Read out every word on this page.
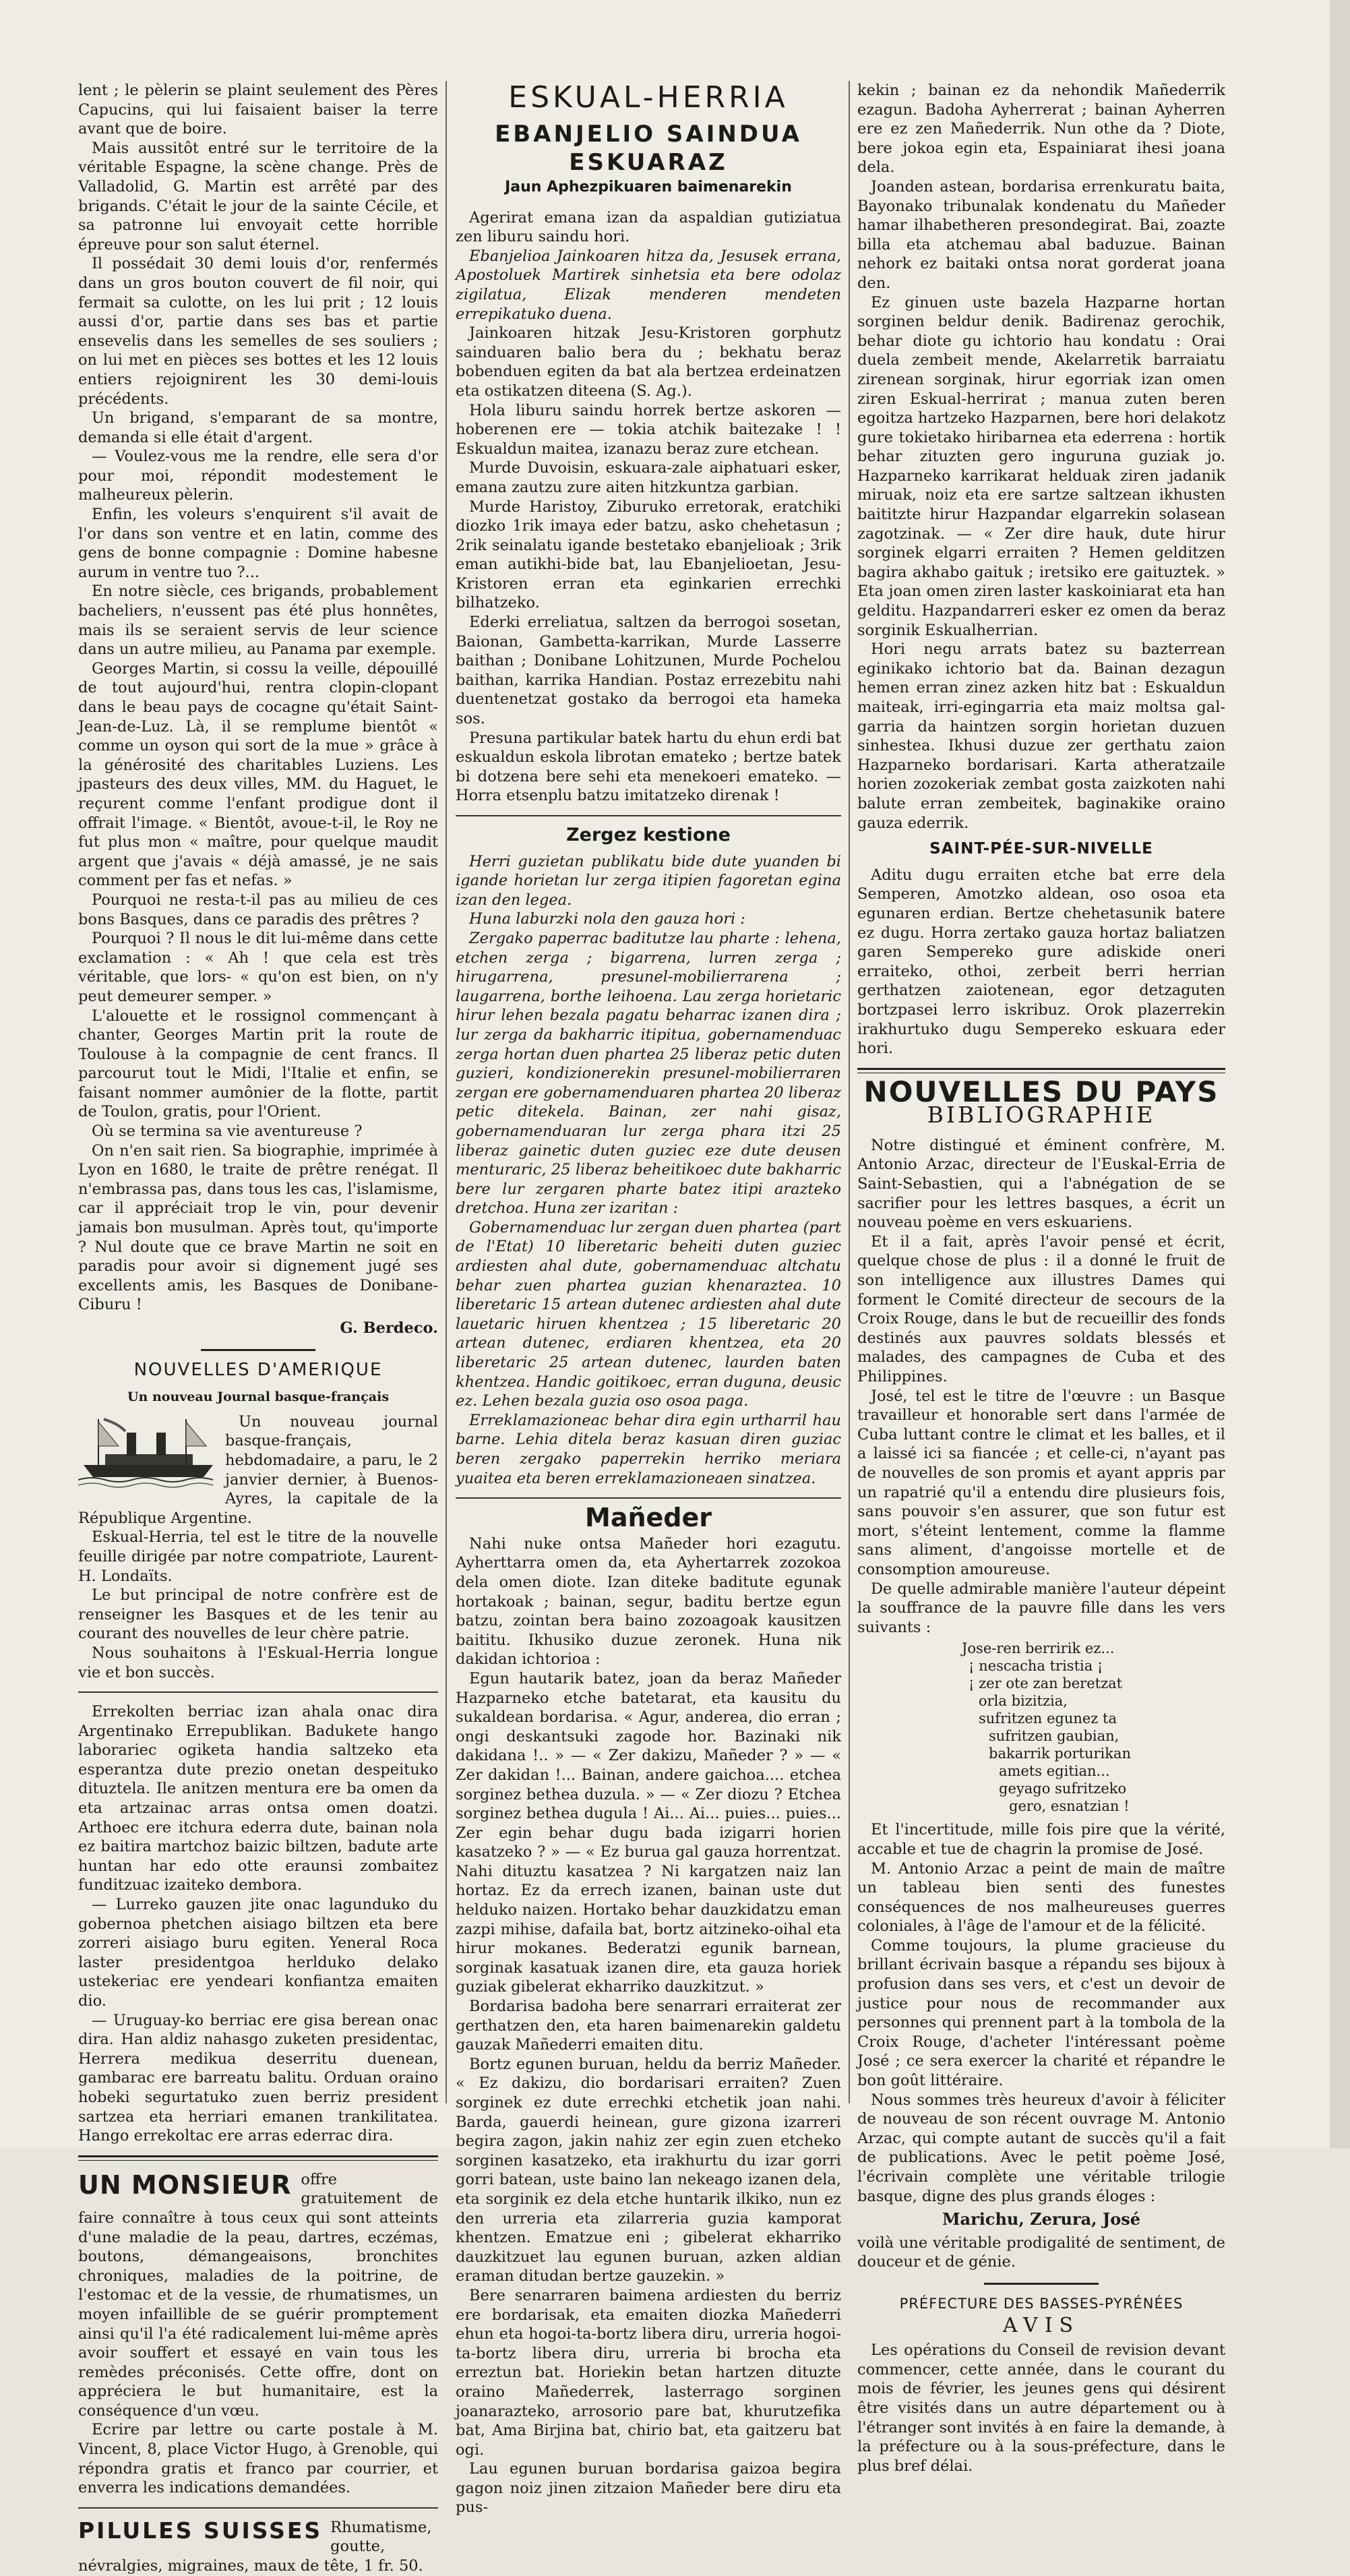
lent ; le pèlerin se plaint seulement des Pères Capucins, qui lui faisaient baiser la terre avant que de boire.

Mais aussitôt entré sur le territoire de la véritable Espagne, la scène change. Près de Valladolid, G. Martin est arrêté par des brigands. C'était le jour de la sainte Cécile, et sa patronne lui envoyait cette horrible épreuve pour son salut éternel.

Il possédait 30 demi louis d'or, renfermés dans un gros bouton couvert de fil noir, qui fermait sa culotte, on les lui prit ; 12 louis aussi d'or, partie dans ses bas et partie ensevelis dans les semelles de ses souliers ; on lui met en pièces ses bottes et les 12 louis entiers rejoignirent les 30 demi-louis précédents.

Un brigand, s'emparant de sa montre, demanda si elle était d'argent.

— Voulez-vous me la rendre, elle sera d'or pour moi, répondit modestement le malheureux pèlerin.

Enfin, les voleurs s'enquirent s'il avait de l'or dans son ventre et en latin, comme des gens de bonne compagnie : Domine habesne aurum in ventre tuo ?...

En notre siècle, ces brigands, probablement bacheliers, n'eussent pas été plus honnêtes, mais ils se seraient servis de leur science dans un autre milieu, au Panama par exemple.

Georges Martin, si cossu la veille, dépouillé de tout aujourd'hui, rentra clopin-clopant dans le beau pays de cocagne qu'était Saint-Jean-de-Luz. Là, il se remplume bientôt « comme un oyson qui sort de la mue » grâce à la générosité des charitables Luziens. Les jpasteurs des deux villes, MM. du Haguet, le reçurent comme l'enfant prodigue dont il offrait l'image. « Bientôt, avoue-t-il, le Roy ne fut plus mon « maître, pour quelque maudit argent que j'avais « déjà amassé, je ne sais comment per fas et nefas. »

Pourquoi ne resta-t-il pas au milieu de ces bons Basques, dans ce paradis des prêtres ?

Pourquoi ? Il nous le dit lui-même dans cette exclamation : « Ah ! que cela est très véritable, que lors- « qu'on est bien, on n'y peut demeurer semper. »

L'alouette et le rossignol commençant à chanter, Georges Martin prit la route de Toulouse à la compagnie de cent francs. Il parcourut tout le Midi, l'Italie et enfin, se faisant nommer aumônier de la flotte, partit de Toulon, gratis, pour l'Orient.

Où se termina sa vie aventureuse ?

On n'en sait rien. Sa biographie, imprimée à Lyon en 1680, le traite de prêtre renégat. Il n'embrassa pas, dans tous les cas, l'islamisme, car il appréciait trop le vin, pour devenir jamais bon musulman. Après tout, qu'importe ? Nul doute que ce brave Martin ne soit en paradis pour avoir si dignement jugé ses excellents amis, les Basques de Donibane-Ciburu !

G. Berdeco.
NOUVELLES D'AMERIQUE
Un nouveau Journal basque-français

Un nouveau journal basque-français, hebdomadaire, a paru, le 2 janvier dernier, à Buenos-Ayres, la capitale de la République Argentine.

Eskual-Herria, tel est le titre de la nouvelle feuille dirigée par notre compatriote, Laurent-H. Londaïts.

Le but principal de notre confrère est de renseigner les Basques et de les tenir au courant des nouvelles de leur chère patrie.

Nous souhaitons à l'Eskual-Herria longue vie et bon succès.

Errekolten berriac izan ahala onac dira Argentinako Errepublikan. Badukete hango laborariec ogiketa handia saltzeko eta esperantza dute prezio onetan despeituko dituztela. Ile anitzen mentura ere ba omen da eta artzainac arras ontsa omen doatzi. Arthoec ere itchura ederra dute, bainan nola ez baitira martchoz baizic biltzen, badute arte huntan har edo otte eraunsi zombaitez funditzuac izaiteko dembora.

— Lurreko gauzen jite onac lagunduko du gobernoa phetchen aisiago biltzen eta bere zorreri aisiago buru egiten. Yeneral Roca laster presidentgoa herlduko delako ustekeriac ere yendeari konfiantza emaiten dio.

— Uruguay-ko berriac ere gisa berean onac dira. Han aldiz nahasgo zuketen presidentac, Herrera medikua deserritu duenean, gambarac ere barreatu balitu. Orduan oraino hobeki segurtatuko zuen berriz president sartzea eta herriari emanen trankilitatea. Hango errekoltac ere arras ederrac dira.

UN MONSIEUR offre gratuitement de faire connaître à tous ceux qui sont atteints d'une maladie de la peau, dartres, eczémas, boutons, démangeaisons, bronchites chroniques, maladies de la poitrine, de l'estomac et de la vessie, de rhumatismes, un moyen infaillible de se guérir promptement ainsi qu'il l'a été radicalement lui-même après avoir souffert et essayé en vain tous les remèdes préconisés. Cette offre, dont on appréciera le but humanitaire, est la conséquence d'un vœu.

Ecrire par lettre ou carte postale à M. Vincent, 8, place Victor Hugo, à Grenoble, qui répondra gratis et franco par courrier, et enverra les indications demandées.

PILULES SUISSES Rhumatisme, goutte, névralgies, migraines, maux de tête, 1 fr. 50.

ESKUAL-HERRIA
EBANJELIO SAINDUA ESKUARAZ
Jaun Aphezpikuaren baimenarekin

Agerirat emana izan da aspaldian gutiziatua zen liburu saindu hori.

Ebanjelioa Jainkoaren hitza da, Jesusek errana, Apostoluek Martirek sinhetsia eta bere odolaz zigilatua, Elizak menderen mendeten errepikatuko duena.

Jainkoaren hitzak Jesu-Kristoren gorphutz sainduaren balio bera du ; bekhatu beraz bobenduen egiten da bat ala bertzea erdeinatzen eta ostikatzen diteena (S. Ag.).

Hola liburu saindu horrek bertze askoren — hoberenen ere — tokia atchik baitezake ! ! Eskualdun maitea, izanazu beraz zure etchean.

Murde Duvoisin, eskuara-zale aiphatuari esker, emana zautzu zure aiten hitzkuntza garbian.

Murde Haristoy, Ziburuko erretorak, eratchiki diozko 1rik imaya eder batzu, asko chehetasun ; 2rik seinalatu igande bestetako ebanjelioak ; 3rik eman autikhi-bide bat, lau Ebanjelioetan, Jesu-Kristoren erran eta eginkarien errechki bilhatzeko.

Ederki erreliatua, saltzen da berrogoi sosetan, Baionan, Gambetta-karrikan, Murde Lasserre baithan ; Donibane Lohitzunen, Murde Pochelou baithan, karrika Handian. Postaz errezebitu nahi duentenetzat gostako da berrogoi eta hameka sos.

Presuna partikular batek hartu du ehun erdi bat eskualdun eskola librotan emateko ; bertze batek bi dotzena bere sehi eta menekoeri emateko. — Horra etsenplu batzu imitatzeko direnak !

Zergez kestione

Herri guzietan publikatu bide dute yuanden bi igande horietan lur zerga itipien fagoretan egina izan den legea.

Huna laburzki nola den gauza hori :

Zergako paperrac baditutze lau pharte : lehena, etchen zerga ; bigarrena, lurren zerga ; hirugarrena, presunel-mobilierrarena ; laugarrena, borthe leihoena. Lau zerga horietaric hirur lehen bezala pagatu beharrac izanen dira ; lur zerga da bakharric itipitua, gobernamenduac zerga hortan duen phartea 25 liberaz petic duten guzieri, kondizionerekin presunel-mobilierraren zergan ere gobernamenduaren phartea 20 liberaz petic ditekela. Bainan, zer nahi gisaz, gobernamenduaran lur zerga phara itzi 25 liberaz gainetic duten guziec eze dute deusen menturaric, 25 liberaz beheitikoec dute bakharric bere lur zergaren pharte batez itipi arazteko dretchoa. Huna zer izaritan :

Gobernamenduac lur zergan duen phartea (part de l'Etat) 10 liberetaric beheiti duten guziec ardiesten ahal dute, gobernamenduac altchatu behar zuen phartea guzian khenaraztea. 10 liberetaric 15 artean dutenec ardiesten ahal dute lauetaric hiruen khentzea ; 15 liberetaric 20 artean dutenec, erdiaren khentzea, eta 20 liberetaric 25 artean dutenec, laurden baten khentzea. Handic goitikoec, erran duguna, deusic ez. Lehen bezala guzia oso osoa paga.

Erreklamazioneac behar dira egin urtharril hau barne. Lehia ditela beraz kasuan diren guziac beren zergako paperrekin herriko meriara yuaitea eta beren erreklamazioneaen sinatzea.

Mañeder

Nahi nuke ontsa Mañeder hori ezagutu. Ayherttarra omen da, eta Ayhertarrek zozokoa dela omen diote. Izan diteke baditute egunak hortakoak ; bainan, segur, baditu bertze egun batzu, zointan bera baino zozoagoak kausitzen baititu. Ikhusiko duzue zeronek. Huna nik dakidan ichtorioa :

Egun hautarik batez, joan da beraz Mañeder Hazparneko etche batetarat, eta kausitu du sukaldean bordarisa. « Agur, anderea, dio erran ; ongi deskantsuki zagode hor. Bazinaki nik dakidana !.. » — « Zer dakizu, Mañeder ? » — « Zer dakidan !... Bainan, andere gaichoa.... etchea sorginez bethea duzula. » — « Zer diozu ? Etchea sorginez bethea dugula ! Ai... Ai... puies... puies... Zer egin behar dugu bada izigarri horien kasatzeko ? » — « Ez burua gal gauza horrentzat. Nahi dituztu kasatzea ? Ni kargatzen naiz lan hortaz. Ez da errech izanen, bainan uste dut helduko naizen. Hortako behar dauzkidatzu eman zazpi mihise, dafaila bat, bortz aitzineko-oihal eta hirur mokanes. Bederatzi egunik barnean, sorginak kasatuak izanen dire, eta gauza horiek guziak gibelerat ekharriko dauzkitzut. »

Bordarisa badoha bere senarrari erraiterat zer gerthatzen den, eta haren baimenarekin galdetu gauzak Mañederri emaiten ditu.

Bortz egunen buruan, heldu da berriz Mañeder. « Ez dakizu, dio bordarisari erraiten? Zuen sorginek ez dute errechki etchetik joan nahi. Barda, gauerdi heinean, gure gizona izarreri begira zagon, jakin nahiz zer egin zuen etcheko sorginen kasatzeko, eta irakhurtu du izar gorri gorri batean, uste baino lan nekeago izanen dela, eta sorginik ez dela etche huntarik ilkiko, nun ez den urreria eta zilarreria guzia kamporat khentzen. Ematzue eni ; gibelerat ekharriko dauzkitzuet lau egunen buruan, azken aldian eraman ditudan bertze gauzekin. »

Bere senarraren baimena ardiesten du berriz ere bordarisak, eta emaiten diozka Mañederri ehun eta hogoi-ta-bortz libera diru, urreria hogoi-ta-bortz libera diru, urreria bi brocha eta erreztun bat. Horiekin betan hartzen dituzte oraino Mañederrek, lasterrago sorginen joanarazteko, arrosorio pare bat, khurutzefika bat, Ama Birjina bat, chirio bat, eta gaitzeru bat ogi.

Lau egunen buruan bordarisa gaizoa begira gagon noiz jinen zitzaion Mañeder bere diru eta pus-

kekin ; bainan ez da nehondik Mañederrik ezagun. Badoha Ayherrerat ; bainan Ayherren ere ez zen Mañederrik. Nun othe da ? Diote, bere jokoa egin eta, Espainiarat ihesi joana dela.

Joanden astean, bordarisa errenkuratu baita, Bayonako tribunalak kondenatu du Mañeder hamar ilhabetheren presondegirat. Bai, zoazte billa eta atchemau abal baduzue. Bainan nehork ez baitaki ontsa norat gorderat joana den.

Ez ginuen uste bazela Hazparne hortan sorginen beldur denik. Badirenaz gerochik, behar diote gu ichtorio hau kondatu : Orai duela zembeit mende, Akelarretik barraiatu zirenean sorginak, hirur egorriak izan omen ziren Eskual-herrirat ; manua zuten beren egoitza hartzeko Hazparnen, bere hori delakotz gure tokietako hiribarnea eta ederrena : hortik behar zituzten gero inguruna guziak jo. Hazparneko karrikarat helduak ziren jadanik miruak, noiz eta ere sartze saltzean ikhusten baititzte hirur Hazpandar elgarrekin solasean zagotzinak. — « Zer dire hauk, dute hirur sorginek elgarri erraiten ? Hemen gelditzen bagira akhabo gaituk ; iretsiko ere gaituztek. » Eta joan omen ziren laster kaskoiniarat eta han gelditu. Hazpandarreri esker ez omen da beraz sorginik Eskualherrian.

Hori negu arrats batez su bazterrean eginikako ichtorio bat da. Bainan dezagun hemen erran zinez azken hitz bat : Eskualdun maiteak, irri-egingarria eta maiz moltsa gal-garria da haintzen sorgin horietan duzuen sinhestea. Ikhusi duzue zer gerthatu zaion Hazparneko bordarisari. Karta atheratzaile horien zozokeriak zembat gosta zaizkoten nahi balute erran zembeitek, baginakike oraino gauza ederrik.

SAINT-PÉE-SUR-NIVELLE

Aditu dugu erraiten etche bat erre dela Semperen, Amotzko aldean, oso osoa eta egunaren erdian. Bertze chehetasunik batere ez dugu. Horra zertako gauza hortaz baliatzen garen Sempereko gure adiskide oneri erraiteko, othoi, zerbeit berri herrian gerthatzen zaiotenean, egor detzaguten bortzpasei lerro iskribuz. Orok plazerrekin irakhurtuko dugu Sempereko eskuara eder hori.

NOUVELLES DU PAYS
BIBLIOGRAPHIE

Notre distingué et éminent confrère, M. Antonio Arzac, directeur de l'Euskal-Erria de Saint-Sebastien, qui a l'abnégation de se sacrifier pour les lettres basques, a écrit un nouveau poème en vers eskuariens.

Et il a fait, après l'avoir pensé et écrit, quelque chose de plus : il a donné le fruit de son intelligence aux illustres Dames qui forment le Comité directeur de secours de la Croix Rouge, dans le but de recueillir des fonds destinés aux pauvres soldats blessés et malades, des campagnes de Cuba et des Philippines.

José, tel est le titre de l'œuvre : un Basque travailleur et honorable sert dans l'armée de Cuba luttant contre le climat et les balles, et il a laissé ici sa fiancée ; et celle-ci, n'ayant pas de nouvelles de son promis et ayant appris par un rapatrié qu'il a entendu dire plusieurs fois, sans pouvoir s'en assurer, que son futur est mort, s'éteint lentement, comme la flamme sans aliment, d'angoisse mortelle et de consomption amoureuse.

De quelle admirable manière l'auteur dépeint la souffrance de la pauvre fille dans les vers suivants :

Jose-ren berririk ez...
¡ nescacha tristia ¡
¡ zer ote zan beretzat
orla bizitzia,
sufritzen egunez ta
sufritzen gaubian,
bakarrik porturikan
amets egitian...
geyago sufritzeko
gero, esnatzian !

Et l'incertitude, mille fois pire que la vérité, accable et tue de chagrin la promise de José.

M. Antonio Arzac a peint de main de maître un tableau bien senti des funestes conséquences de nos malheureuses guerres coloniales, à l'âge de l'amour et de la félicité.

Comme toujours, la plume gracieuse du brillant écrivain basque a répandu ses bijoux à profusion dans ses vers, et c'est un devoir de justice pour nous de recommander aux personnes qui prennent part à la tombola de la Croix Rouge, d'acheter l'intéressant poème José ; ce sera exercer la charité et répandre le bon goût littéraire.

Nous sommes très heureux d'avoir à féliciter de nouveau de son récent ouvrage M. Antonio Arzac, qui compte autant de succès qu'il a fait de publications. Avec le petit poème José, l'écrivain complète une véritable trilogie basque, digne des plus grands éloges :

Marichu, Zerura, José

voilà une véritable prodigalité de sentiment, de douceur et de génie.

PRÉFECTURE DES BASSES-PYRÉNÉES
AVIS

Les opérations du Conseil de revision devant commencer, cette année, dans le courant du mois de février, les jeunes gens qui désirent être visités dans un autre département ou à l'étranger sont invités à en faire la demande, à la préfecture ou à la sous-préfecture, dans le plus bref délai.
